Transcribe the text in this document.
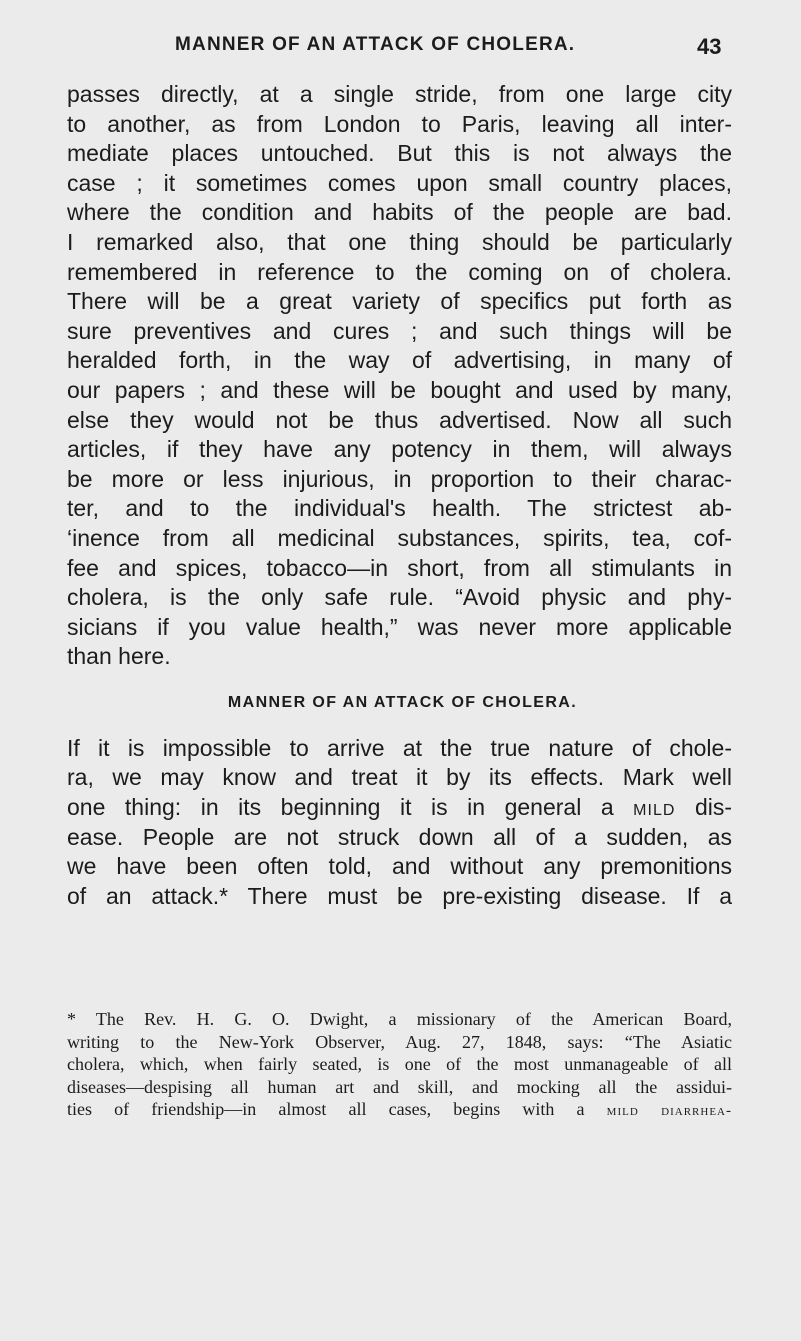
MANNER OF AN ATTACK OF CHOLERA.	43
passes directly, at a single stride, from one large city
to another, as from London to Paris, leaving all inter-
mediate places untouched. But this is not always the
case ; it sometimes comes upon small country places,
where the condition and habits of the people are bad.
I remarked also, that one thing should be particularly
remembered in reference to the coming on of cholera.
There will be a great variety of specifics put forth as
sure preventives and cures ; and such things will be
heralded forth, in the way of advertising, in many of
our papers ; and these will be bought and used by many,
else they would not be thus advertised. Now all such
articles, if they have any potency in them, will always
be more or less injurious, in proportion to their charac-
ter, and to the individual's health. The strictest ab-
‘inence from all medicinal substances, spirits, tea, cof-
fee and spices, tobacco—in short, from all stimulants in
cholera, is the only safe rule. “Avoid physic and phy-
sicians if you value health,” was never more applicable
than here.
MANNER OF AN ATTACK OF CHOLERA.
If it is impossible to arrive at the true nature of chole-
ra, we may know and treat it by its effects. Mark well
one thing: in its beginning it is in general a mild dis-
ease. People are not struck down all of a sudden, as
we have been often told, and without any premonitions
of an attack.* There must be pre-existing disease. If a
* The Rev. H. G. O. Dwight, a missionary of the American Board,
writing to the New-York Observer, Aug. 27, 1848, says: “The Asiatic
cholera, which, when fairly seated, is one of the most unmanageable of all
diseases—despising all human art and skill, and mocking all the assidui-
ties of friendship—in almost all cases, begins with a mild diarrhea-
